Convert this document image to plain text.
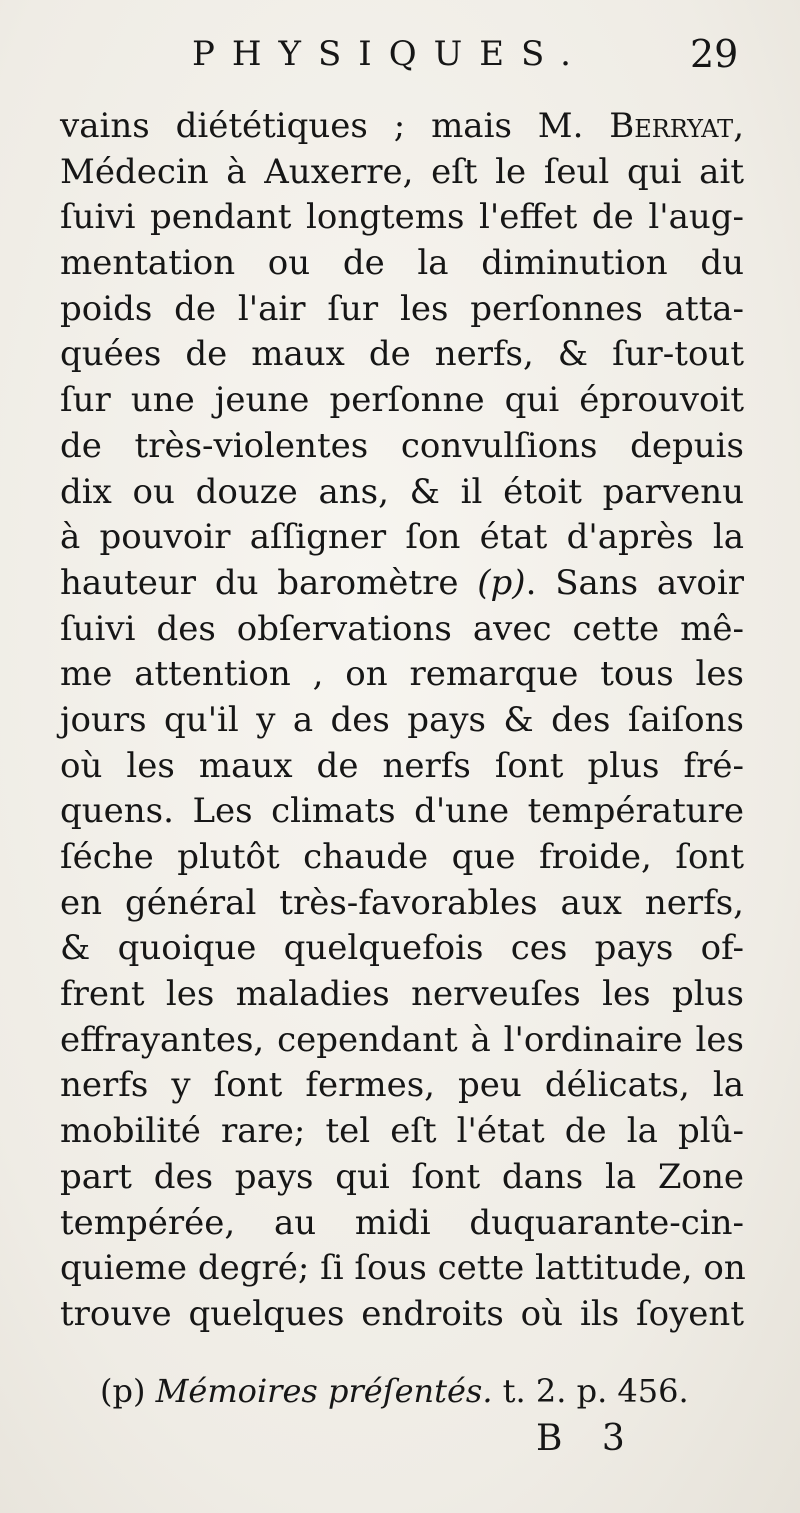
PHYSIQUES.	29
vains diététiques ; mais M. Berryat,
Médecin à Auxerre, eſt le ſeul qui ait
ſuivi pendant longtems l'effet de l'aug-
mentation ou de la diminution du
poids de l'air ſur les perſonnes atta-
quées de maux de nerfs, & ſur-tout
ſur une jeune perſonne qui éprouvoit
de très-violentes convulſions depuis
dix ou douze ans, & il étoit parvenu
à pouvoir aſſigner ſon état d'après la
hauteur du baromètre (p). Sans avoir
ſuivi des obſervations avec cette mê-
me attention , on remarque tous les
jours qu'il y a des pays & des ſaiſons
où les maux de nerfs ſont plus fré-
quens. Les climats d'une température
ſéche plutôt chaude que froide, ſont
en général très-favorables aux nerfs,
& quoique quelquefois ces pays of-
frent les maladies nerveuſes les plus
effrayantes, cependant à l'ordinaire les
nerfs y ſont fermes, peu délicats, la
mobilité rare; tel eſt l'état de la plû-
part des pays qui ſont dans la Zone
tempérée, au midi duquarante-cin-
quieme degré; ſi ſous cette lattitude, on
trouve quelques endroits où ils ſoyent
(p) Mémoires préſentés. t. 2. p. 456.
B 3
